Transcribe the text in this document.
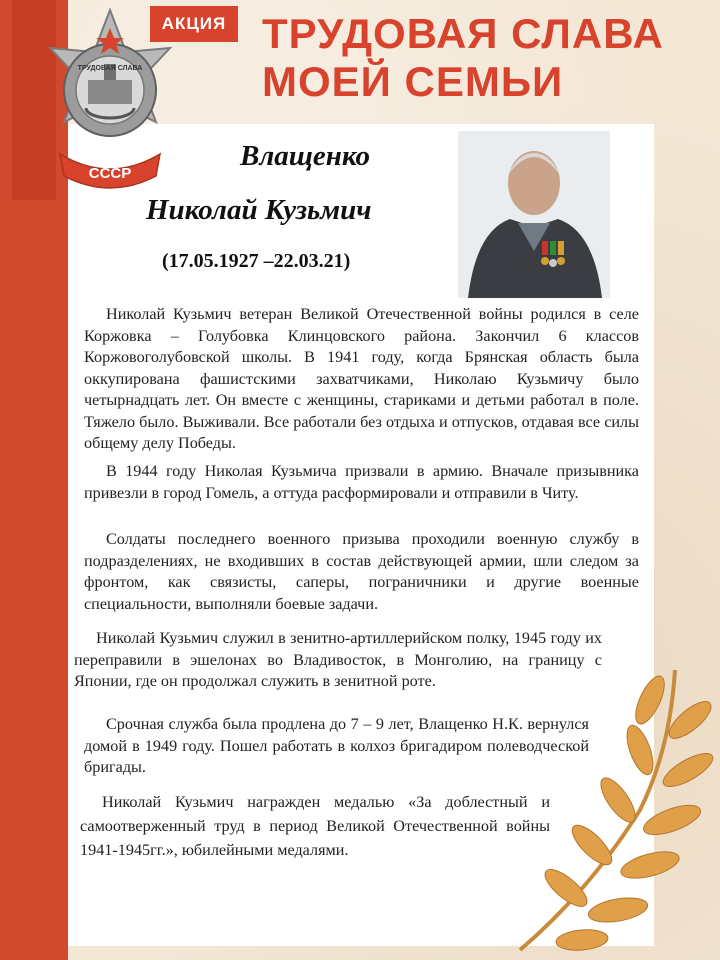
АКЦИЯ ТРУДОВАЯ СЛАВА
МОЕЙ СЕМЬИ
ТРУДОВАЯ СЛАВА
СССР
Влащенко
Николай Кузьмич
(17.05.1927 –22.03.21)
Николай Кузьмич ветеран Великой Отечественной войны родился в селе Коржовка – Голубовка Клинцовского района. Закончил 6 классов Коржовоголубовской школы. В 1941 году, когда Брянская область была оккупирована фашистскими захватчиками, Николаю Кузьмичу было четырнадцать лет. Он вместе с женщины, стариками и детьми работал в поле. Тяжело было. Выживали. Все работали без отдыха и отпусков, отдавая все силы общему делу Победы.
В 1944 году Николая Кузьмича призвали в армию. Вначале призывника привезли в город Гомель, а оттуда расформировали и отправили в Читу.
Солдаты последнего военного призыва проходили военную службу в подразделениях, не входивших в состав действующей армии, шли следом за фронтом, как связисты, саперы, пограничники и другие военные специальности, выполняли боевые задачи.
Николай Кузьмич служил в зенитно-артиллерийском полку, 1945 году их переправили в эшелонах во Владивосток, в Монголию, на границу с Японии, где он продолжал служить в зенитной роте.
Срочная служба была продлена до 7 – 9 лет, Влащенко Н.К. вернулся домой в 1949 году. Пошел работать в колхоз бригадиром полеводческой бригады.
Николай Кузьмич награжден медалью «За доблестный и самоотверженный труд в период Великой Отечественной войны 1941-1945гг.», юбилейными медалями.
